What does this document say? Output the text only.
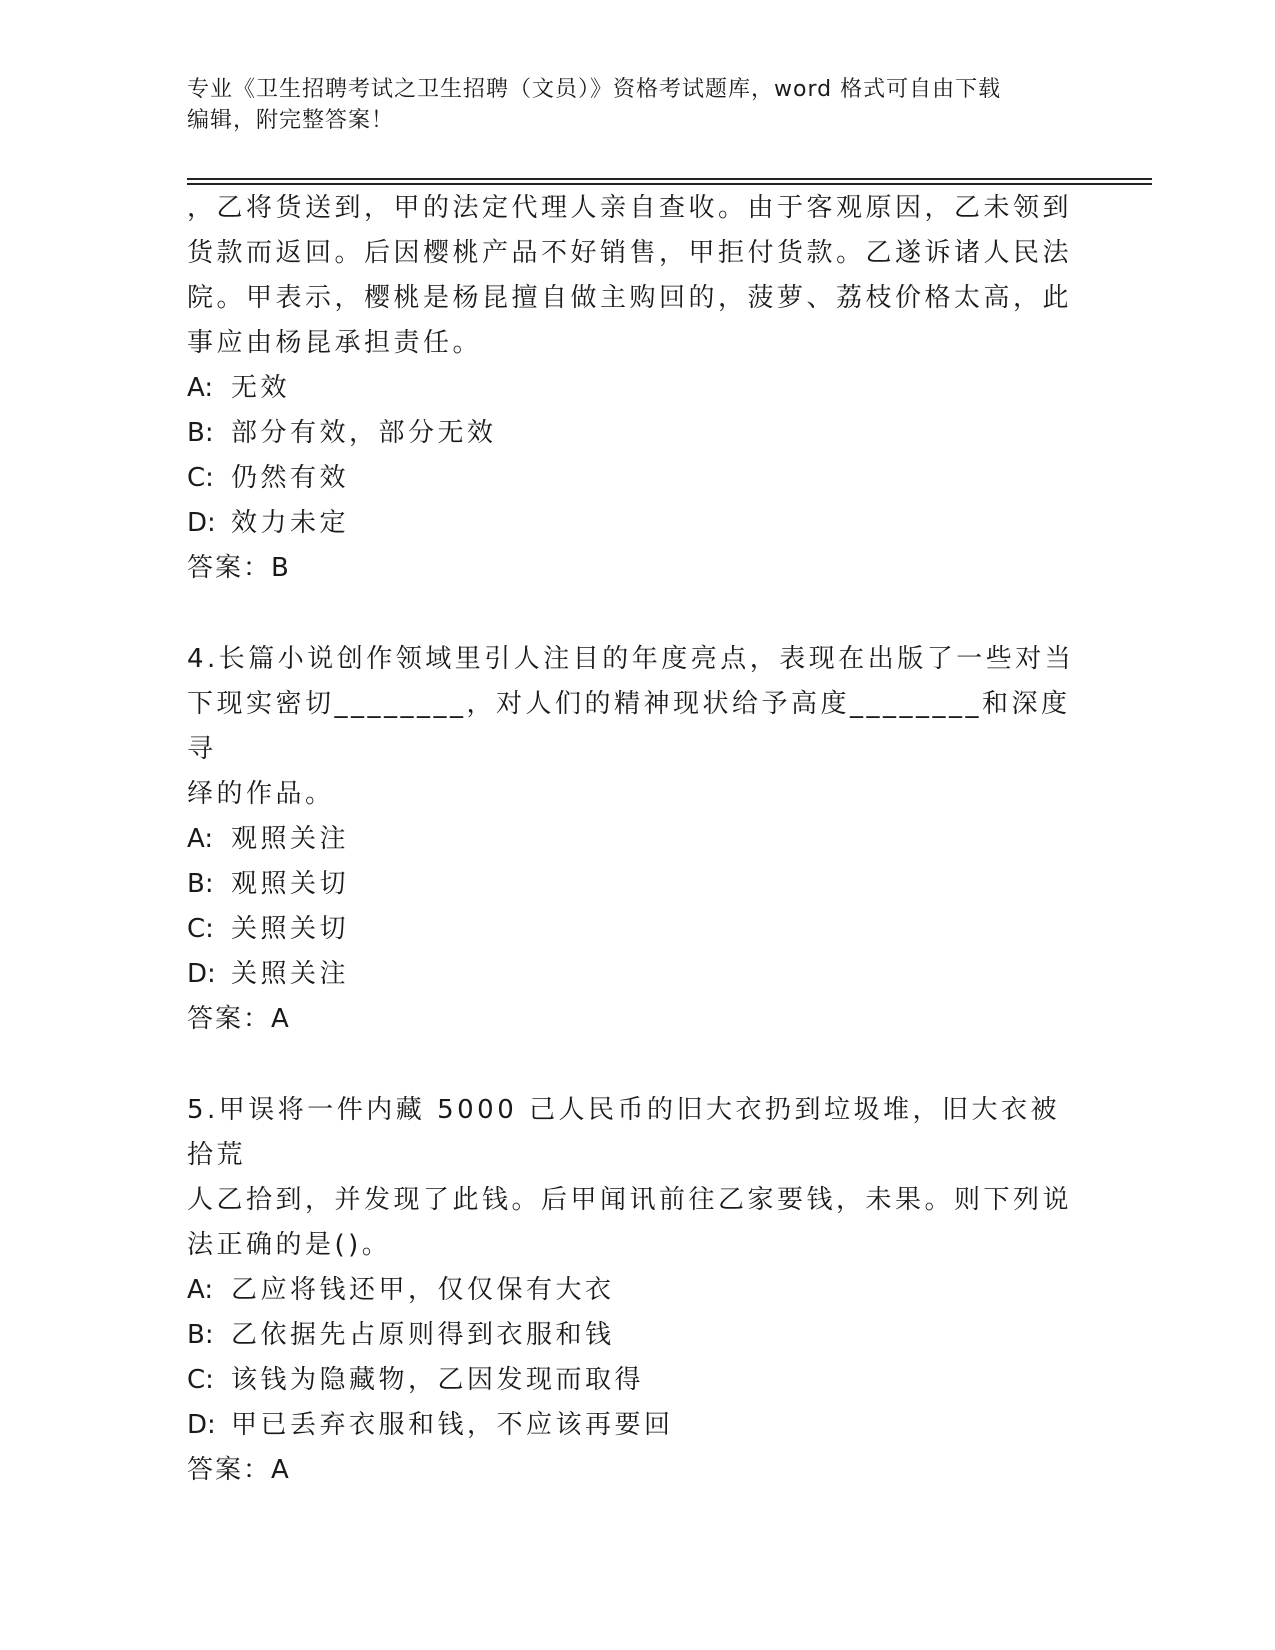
专业《卫生招聘考试之卫生招聘（文员）》资格考试题库，word 格式可自由下载
编辑，附完整答案！

，乙将货送到，甲的法定代理人亲自查收。由于客观原因，乙未领到

货款而返回。后因樱桃产品不好销售，甲拒付货款。乙遂诉诸人民法

院。甲表示，樱桃是杨昆擅自做主购回的，菠萝、荔枝价格太高，此

事应由杨昆承担责任。

A: 无效

B: 部分有效，部分无效

C: 仍然有效

D: 效力未定

答案：B

4.长篇小说创作领域里引人注目的年度亮点，表现在出版了一些对当

下现实密切________，对人们的精神现状给予高度________和深度寻

绎的作品。

A: 观照关注

B: 观照关切

C: 关照关切

D: 关照关注

答案：A

5.甲误将一件内藏 5000 己人民币的旧大衣扔到垃圾堆，旧大衣被拾荒

人乙拾到，并发现了此钱。后甲闻讯前往乙家要钱，未果。则下列说

法正确的是()。

A: 乙应将钱还甲，仅仅保有大衣

B: 乙依据先占原则得到衣服和钱

C: 该钱为隐藏物，乙因发现而取得

D: 甲已丢弃衣服和钱，不应该再要回

答案：A
